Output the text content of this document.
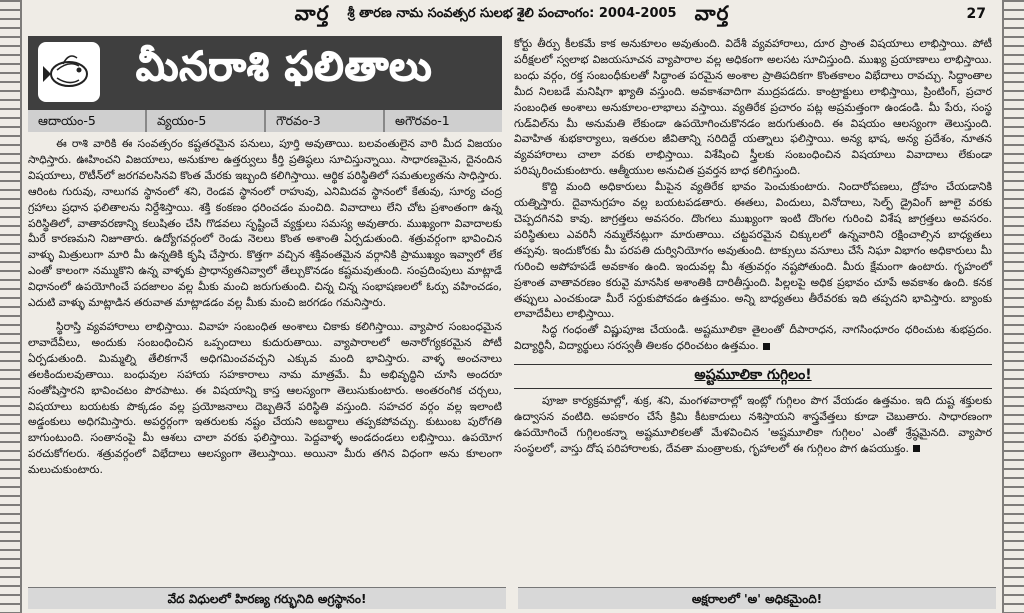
వార్త శ్రీ తారణ నామ సంవత్సర సులభ శైలి పంచాంగం: 2004-2005 వార్త	27
మీనరాశి ఫలితాలు
ఆదాయం-5	వ్యయం-5	గౌరవం-3	అగౌరవం-1

ఈ రాశి వారికి ఈ సంవత్సరం కష్టతరమైన పనులు, పూర్తి అవుతాయి. బలవంతులైన వారి మీద విజయం సాధిస్తారు. ఊహించని విజయాలు, అనుకూల ఉత్తర్వులు కీర్తి ప్రతిష్ఠలు సూచిస్తున్నాయి. సాధారణమైన, దైనందిన విషయాలు, రొటీన్‌లో జరగవలసినవి కొంత మేరకు ఇబ్బంది కలిగిస్తాయి. ఆర్థిక పరిస్థితిలో సమతుల్యతను సాధిస్తారు. ఆరింట గురువు, నాలుగవ స్థానంలో శని, రెండవ స్థానంలో రాహువు, ఎనిమిదవ స్థానంలో కేతువు, సూర్య చంద్ర గ్రహాలు ప్రధాన ఫలితాలను నిర్దేశిస్తాయి. శక్తి కంకణం ధరించడం మంచిది. వివాదాలు లేని చోట ప్రశాంతంగా ఉన్న పరిస్థితిలో, వాతావరణాన్ని కలుషితం చేసి గొడవలు సృష్టించే వ్యక్తులు సమస్య అవుతారు. ముఖ్యంగా వివాదాలకు మీరే కారణమని నిజూతారు. ఉద్యోగవర్గంలో రెండు నెలలు కొంత అశాంతి ఏర్పడుతుంది. శత్రువర్గంగా భావించిన వాళ్ళు మిత్రులుగా మారి మీ ఉన్నతికి కృషి చేస్తారు. కొత్తగా వచ్చిన శక్తివంతమైన వర్గానికి ప్రాముఖ్యం ఇవ్వాలో లేక ఎంతో కాలంగా నమ్ముకొని ఉన్న వాళ్ళకు ప్రాధాన్యతనివ్వాలో తేల్చుకొనడం కష్టమవుతుంది. సంప్రదింపులు మాట్లాడే విధానంలో ఉపయోగించే పదజాలం వల్ల మీకు మంచి జరుగుతుంది. చిన్న చిన్న సంభాషణలలో ఓర్పు వహించడం, ఎదుటి వాళ్ళు మాట్లాడిన తరువాత మాట్లాడడం వల్ల మీకు మంచి జరగడం గమనిస్తారు.

స్థిరాస్తి వ్యవహారాలు లాభిస్తాయి. వివాహ సంబంధిత అంశాలు చికాకు కలిగిస్తాయి. వ్యాపార సంబంధమైన లావాదేవీలు, అందుకు సంబంధించిన ఒప్పందాలు కుదురుతాయి. వ్యాపారాలలో అనారోగ్యకరమైన పోటీ ఏర్పడుతుంది. మిమ్మల్ని తేలికగానే అధిగమించవచ్చని ఎక్కువ మంది భావిస్తారు. వాళ్ళ అంచనాలు తలకిందులవుతాయి. బంధువుల సహాయ సహకారాలు నామ మాత్రమే. మీ అభివృద్ధిని చూసి అందరూ సంతోషిస్తారని భావించటం పొరపాటు. ఈ విషయాన్ని కాస్త ఆలస్యంగా తెలుసుకుంటారు. అంతరంగిక చర్చలు, విషయాలు బయటకు పొక్కడం వల్ల ప్రయోజనాలు దెబ్బతినే పరిస్థితి వస్తుంది. సహచర వర్గం వల్ల ఇలాంటి అడ్డంకులు అధిగమిస్తారు. అపర్ధర్గంగా ఇతరులకు నష్టం చేయని అబద్ధాలు తప్పకపోవచ్చు. కుటుంబ పురోగతి బాగుంటుంది. సంతానంపై మీ ఆశలు చాలా వరకు ఫలిస్తాయి. పెద్దవాళ్ళ అండదండలు లభిస్తాయి. ఉపయోగ పరచుకోగలరు. శత్రువర్గంలో విభేదాలు ఆలస్యంగా తెలుస్తాయి. అయినా మీరు తగిన విధంగా అను కూలంగా మలుచుకుంటారు.

కోర్టు తీర్పు కీలకమే కాక అనుకూలం అవుతుంది. విదేశీ వ్యవహారాలు, దూర ప్రాంత విషయాలు లాభిస్తాయి. పోటీ పరీక్షలలో స్వలాభ విజయసూచన వ్యాపారాల వల్ల అధికంగా అలసట సూచిస్తుంది. ముఖ్య ప్రయాణాలు లాభిస్తాయి. బంధు వర్గం, రక్త సంబంధీకులతో సిద్ధాంత పరమైన అంశాల ప్రాతిపదికగా కొంతకాలం విభేదాలు రావచ్చు. సిద్ధాంతాల మీద నిలబడే మనిషిగా ఖ్యాతి వస్తుంది. అవకాశవాదిగా ముద్రపడదు. కాంట్రాక్టులు లాభిస్తాయి, ప్రింటింగ్, ప్రచార సంబంధిత అంశాలు అనుకూలం-లాభాలు వస్తాయి. వ్యతిరేక ప్రచారం పట్ల అప్రమత్తంగా ఉండండి. మీ పేరు, సంస్థ గుడ్‌విల్‌ను మీ అనుమతి లేకుండా ఉపయోగించుకొనడం జరుగుతుంది. ఈ విషయం ఆలస్యంగా తెలుస్తుంది. వివాహిత శుభకార్యాలు, ఇతరుల జీవితాన్ని సరిదిద్దే యత్నాలు ఫలిస్తాయి. అన్య భాష, అన్య ప్రదేశం, నూతన వ్యవహారాలు చాలా వరకు లాభిస్తాయి. విశేషించి స్త్రీలకు సంబంధించిన విషయాలు వివాదాలు లేకుండా పరిష్కరించుకుంటారు. ఆత్మీయుల అనుచిత ప్రవర్తన బాధ కలిగిస్తుంది.

కొద్ది మంది అధికారులు మీపైన వ్యతిరేక భావం పెంచుకుంటారు. నిందారోపణలు, ద్రోహం చేయడానికి యత్నిస్తారు. దైవానుగ్రహం వల్ల బయటపడతారు. ఈతలు, విందులు, వినోదాలు, సెల్ఫ్ డ్రైవింగ్ జూలై వరకు చెప్పదగినవి కావు. జాగ్రత్తలు అవసరం. దొంగలు ముఖ్యంగా ఇంటి దొంగల గురించి విశేష జాగ్రత్తలు అవసరం. పరిస్థితులు ఎవరినీ నమ్మలేనట్లుగా మారుతాయి. చట్టపరమైన చిక్కులలో ఉన్నవారిని రక్షించాల్సిన బాధ్యతలు తప్పవు. ఇందుకోరకు మీ పరపతి దుర్వినియోగం అవుతుంది. టాక్సులు వసూలు చేసే నిఘా విభాగం అధికారులు మీ గురించి అపోహపడే అవకాశం ఉంది. ఇందువల్ల మీ శత్రువర్గం నష్టపోతుంది. మీరు క్షేమంగా ఉంటారు. గృహంలో ప్రశాంత వాతావరణం కరువై మానసిక అశాంతికి దారితీస్తుంది. పిల్లలపై అధిక ప్రభావం చూపే అవకాశం ఉంది. కనక తప్పులు ఎంచకుండా మీరే సర్దుకుపోవడం ఉత్తమం. అన్ని బాధ్యతలు తీరేవరకు ఇది తప్పదని భావిస్తారు. బ్యాంకు లావాదేవీలు లాభిస్తాయి.

సిద్ధ గంధంతో విష్ణుపూజ చేయండి. అష్టమూలికా తైలంతో దీపారాధన, నాగసింధూరం ధరించుట శుభప్రదం. విద్యార్థినీ, విద్యార్థులు సరస్వతీ తిలకం ధరించటం ఉత్తమం.

అష్టమూలికా గుగ్గిలం!

పూజా కార్యక్రమాల్లో, శుక్ర, శని, మంగళవారాల్లో ఇంట్లో గుగ్గిలం పొగ వేయడం ఉత్తమం. ఇది దుష్ట శక్తులకు ఉద్వాసన వంటిది. అపకారం చేసే క్రిమి కీటకాదులు నశిస్తాయని శాస్త్రవేత్తలు కూడా చెబుతారు. సాధారణంగా ఉపయోగించే గుగ్గిలంకన్నా అష్టమూలికలతో మేళవించిన 'అష్టమూలికా గుగ్గిలం' ఎంతో శ్రేష్ఠమైనది. వ్యాపార సంస్థలలో, వాస్తు దోష పరిహారాలకు, దేవతా మంత్రాలకు, గృహాలలో ఈ గుగ్గిలం పొగ ఉపయుక్తం.

వేద విధులలో హిరణ్య గర్భునిది అగ్రస్థానం!	అక్షరాలలో 'అ' అధికమైంది!
